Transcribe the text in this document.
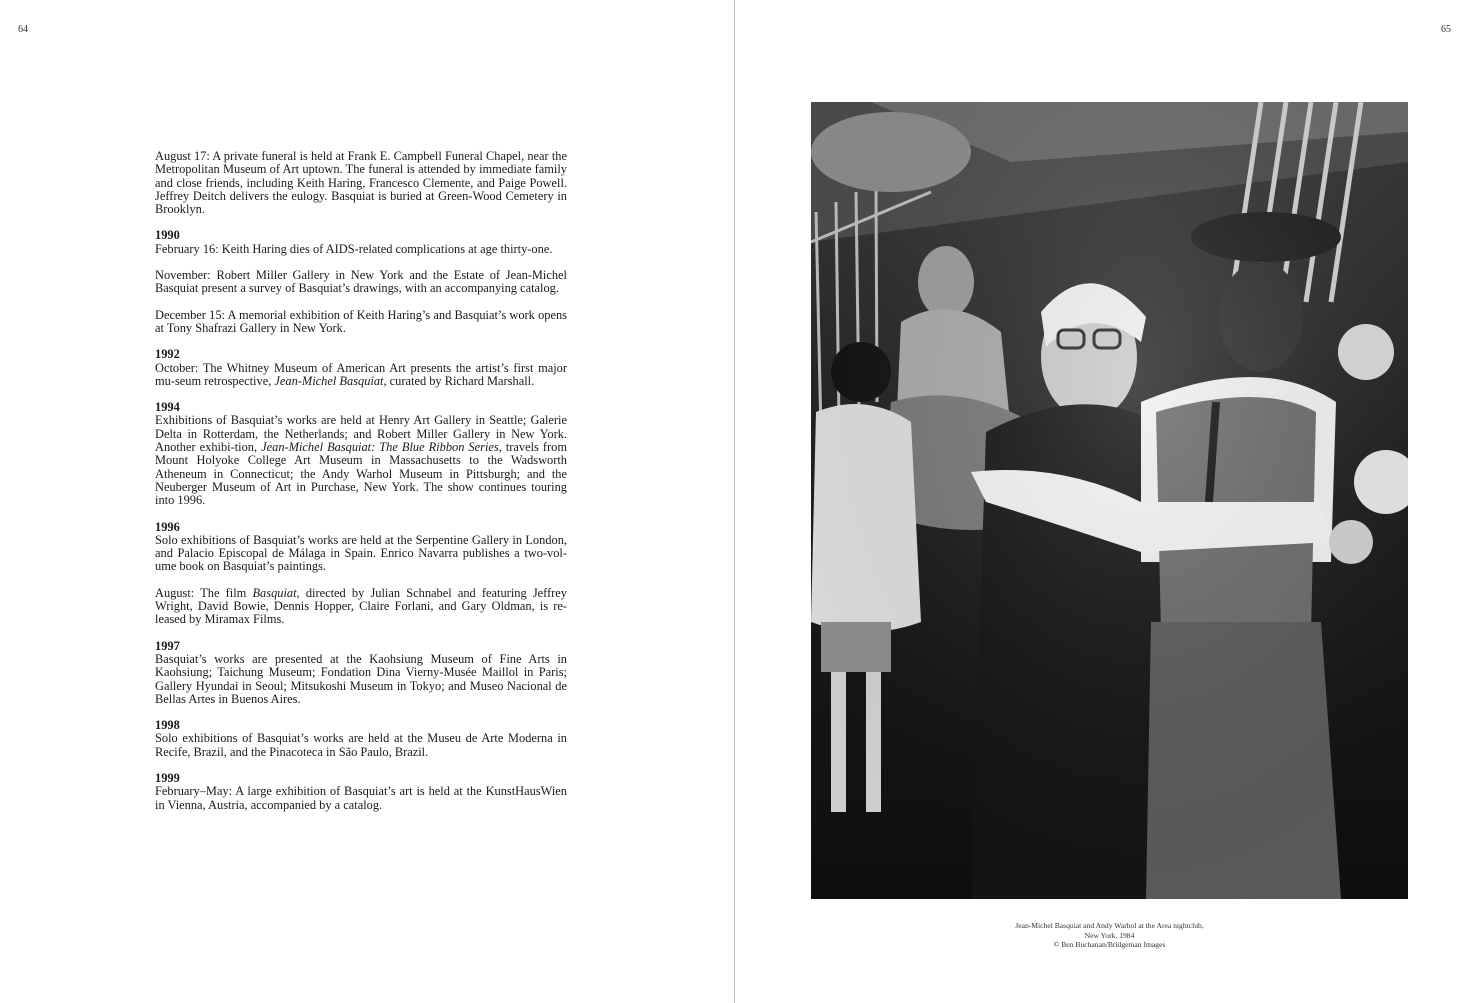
64
August 17: A private funeral is held at Frank E. Campbell Funeral Chapel, near the Metropolitan Museum of Art uptown. The funeral is attended by immediate family and close friends, including Keith Haring, Francesco Clemente, and Paige Powell. Jeffrey Deitch delivers the eulogy. Basquiat is buried at Green-Wood Cemetery in Brooklyn.
1990
February 16: Keith Haring dies of AIDS-related complications at age thirty-one.
November: Robert Miller Gallery in New York and the Estate of Jean-Michel Basquiat present a survey of Basquiat’s drawings, with an accompanying catalog.
December 15: A memorial exhibition of Keith Haring’s and Basquiat’s work opens at Tony Shafrazi Gallery in New York.
1992
October: The Whitney Museum of American Art presents the artist’s first major mu-seum retrospective, Jean-Michel Basquiat, curated by Richard Marshall.
1994
Exhibitions of Basquiat’s works are held at Henry Art Gallery in Seattle; Galerie Delta in Rotterdam, the Netherlands; and Robert Miller Gallery in New York. Another exhibi-tion, Jean-Michel Basquiat: The Blue Ribbon Series, travels from Mount Holyoke College Art Museum in Massachusetts to the Wadsworth Atheneum in Connecticut; the Andy Warhol Museum in Pittsburgh; and the Neuberger Museum of Art in Purchase, New York. The show continues touring into 1996.
1996
Solo exhibitions of Basquiat’s works are held at the Serpentine Gallery in London, and Palacio Episcopal de Málaga in Spain. Enrico Navarra publishes a two-vol-ume book on Basquiat’s paintings.
August: The film Basquiat, directed by Julian Schnabel and featuring Jeffrey Wright, David Bowie, Dennis Hopper, Claire Forlani, and Gary Oldman, is re-leased by Miramax Films.
1997
Basquiat’s works are presented at the Kaohsiung Museum of Fine Arts in Kaohsiung; Taichung Museum; Fondation Dina Vierny-Musée Maillol in Paris; Gallery Hyundai in Seoul; Mitsukoshi Museum in Tokyo; and Museo Nacional de Bellas Artes in Buenos Aires.
1998
Solo exhibitions of Basquiat’s works are held at the Museu de Arte Moderna in Recife, Brazil, and the Pinacoteca in São Paulo, Brazil.
1999
February–May: A large exhibition of Basquiat’s art is held at the KunstHausWien in Vienna, Austria, accompanied by a catalog.
65
Jean-Michel Basquiat and Andy Warhol at the Area nightclub,
New York, 1984
© Ben Buchanan/Bridgeman Images
